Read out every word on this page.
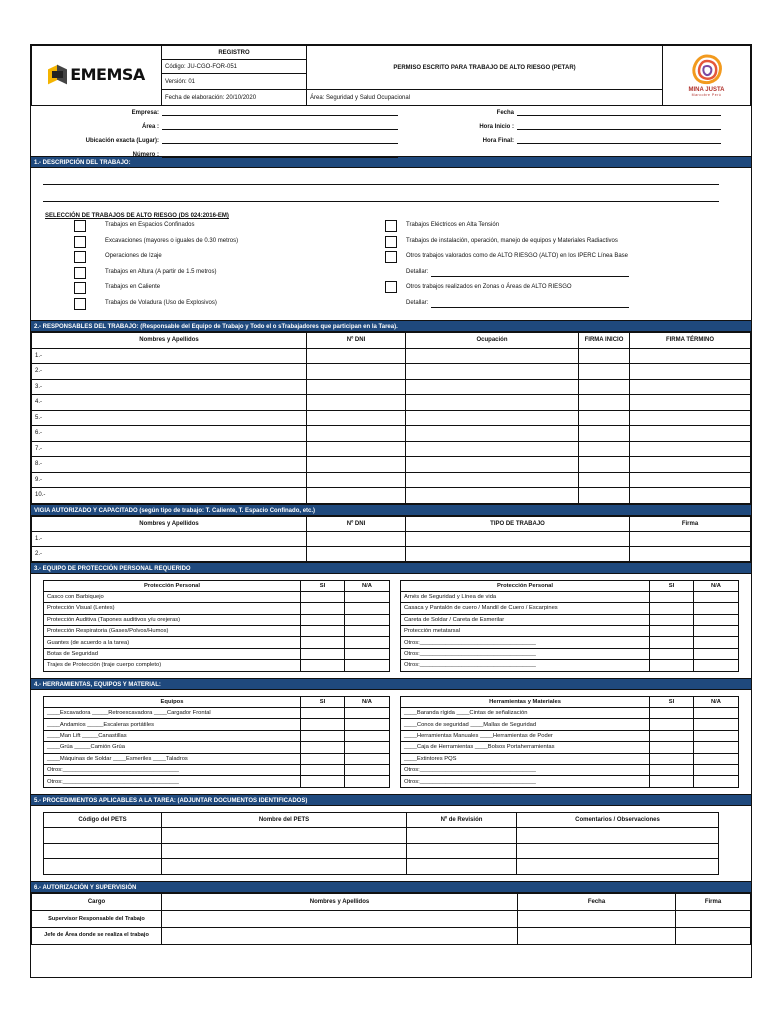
EMEMSA	REGISTRO	PERMISO ESCRITO PARA TRABAJO DE ALTO RIESGO (PETAR)	MINA JUSTA
Marcobre Perú

	Código: JU-CGO-FOR-051		
	Versión: 01		
	Fecha de elaboración: 20/10/2020	Área: Seguridad y Salud Ocupacional	
Empresa:
Área :
Ubicación exacta (Lugar):
Número :
Fecha
Hora Inicio :
Hora Final:
1.- DESCRIPCIÓN DEL TRABAJO:
SELECCIÓN DE TRABAJOS DE ALTO RIESGO (DS 024:2016-EM)
Trabajos en Espacios Confinados
Excavaciones (mayores o iguales de 0.30 metros)
Operaciones de Izaje
Trabajos en Altura (A partir de 1.5 metros)
Trabajos en Caliente
Trabajos de Voladura (Uso de Explosivos)
Trabajos Eléctricos en Alta Tensión
Trabajos de instalación, operación, manejo de equipos y Materiales Radiactivos
Otros trabajos valorados como de ALTO RIESGO (ALTO) en los IPERC Línea Base
Detallar:
Otros trabajos realizados en Zonas o Áreas de ALTO RIESGO
Detallar:
2.- RESPONSABLES DEL TRABAJO: (Responsable del Equipo de Trabajo y Todo el o sTrabajadores que participan en la Tarea).
Nombres y Apellidos	Nº DNI	Ocupación	FIRMA INICIO	FIRMA TÉRMINO
1.-				
2.-				
3.-				
4.-				
5.-				
6.-				
7.-				
8.-				
9.-				
10.-				
VIGIA AUTORIZADO Y CAPACITADO (según tipo de trabajo: T. Caliente, T. Espacio Confinado, etc.)
Nombres y Apellidos	Nº DNI	TIPO DE TRABAJO	Firma
1.-			
2.-			
3.- EQUIPO DE PROTECCIÓN PERSONAL REQUERIDO
Protección Personal	SI	N/A
Casco con Barbiquejo		
Protección Visual (Lentes)		
Protección Auditiva (Tapones auditivos y/u orejeras)		
Protección Respiratoria (Gases/Polvos/Humos)		
Guantes (de acuerdo a la tarea)		
Botas de Seguridad		
Trajes de Protección (traje cuerpo completo)		
Protección Personal	SI	N/A
Arnés de Seguridad y Línea de vida		
Casaca y Pantalón de cuero / Mandil de Cuero / Escarpines		
Careta de Soldar / Careta de Esmerilar		
Protección metatarsal		
Otros:____________________________________		
Otros:____________________________________		
Otros:____________________________________		
4.- HERRAMIENTAS, EQUIPOS Y MATERIAL:
Equipos	SI	N/A
____Excavadora _____Retroexcavadora ____Cargador Frontal		
____Andamios _____Escaleras portátiles		
____Man Lift _____Canastillas		
____Grúa _____Camión Grúa		
____Máquinas de Soldar ____Esmeriles ____Taladros		
Otros:____________________________________		
Otros:____________________________________		
Herramientas y Materiales	SI	N/A
____Baranda rígida ____Cintas de señalización		
____Conos de seguridad ____Mallas de Seguridad		
____Herramientas Manuales ____Herramientas de Poder		
____Caja de Herramientas ____Bolsos Portaherramientas		
____Extintores PQS		
Otros:____________________________________		
Otros:____________________________________		
5.- PROCEDIMIENTOS APLICABLES A LA TAREA: (ADJUNTAR DOCUMENTOS IDENTIFICADOS)
Código del PETS	Nombre del PETS	Nº de Revisión	Comentarios / Observaciones

6.- AUTORIZACIÓN Y SUPERVISIÓN
Cargo	Nombres y Apellidos	Fecha	Firma
Supervisor Responsable del Trabajo			
Jefe de Área donde se realiza el trabajo			
